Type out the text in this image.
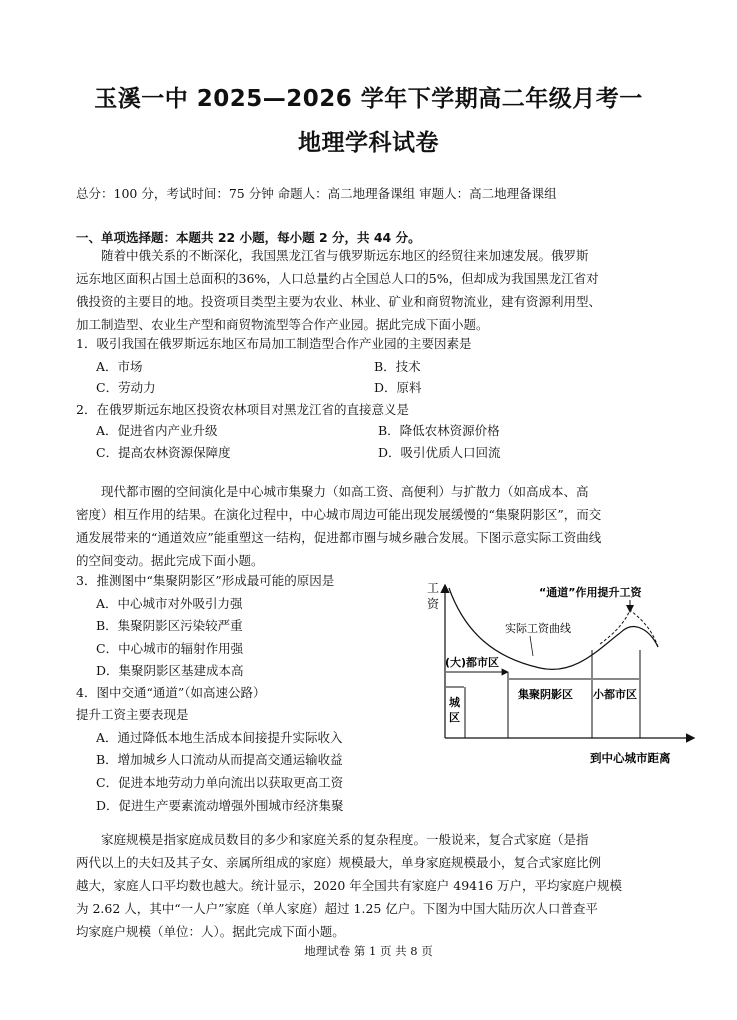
玉溪一中 2025—2026 学年下学期高二年级月考一
地理学科试卷
总分：100 分，考试时间：75 分钟 命题人：高二地理备课组 审题人：高二地理备课组
一、单项选择题：本题共 22 小题，每小题 2 分，共 44 分。
随着中俄关系的不断深化，我国黑龙江省与俄罗斯远东地区的经贸往来加速发展。俄罗斯
远东地区面积占国土总面积的36%，人口总量约占全国总人口的5%，但却成为我国黑龙江省对
俄投资的主要目的地。投资项目类型主要为农业、林业、矿业和商贸物流业，建有资源利用型、
加工制造型、农业生产型和商贸物流型等合作产业园。据此完成下面小题。
1．吸引我国在俄罗斯远东地区布局加工制造型合作产业园的主要因素是
A．市场	B．技术
C．劳动力	D．原料
2．在俄罗斯远东地区投资农林项目对黑龙江省的直接意义是
A．促进省内产业升级	B．降低农林资源价格
C．提高农林资源保障度	D．吸引优质人口回流
现代都市圈的空间演化是中心城市集聚力（如高工资、高便利）与扩散力（如高成本、高
密度）相互作用的结果。在演化过程中，中心城市周边可能出现发展缓慢的“集聚阴影区”，而交
通发展带来的“通道效应”能重塑这一结构，促进都市圈与城乡融合发展。下图示意实际工资曲线
的空间变动。据此完成下面小题。
3．推测图中“集聚阴影区”形成最可能的原因是
A．中心城市对外吸引力强
B．集聚阴影区污染较严重
C．中心城市的辐射作用强
D．集聚阴影区基建成本高
4．图中交通“通道”（如高速公路）
提升工资主要表现是
A．通过降低本地生活成本间接提升实际收入
B．增加城乡人口流动从而提高交通运输收益
C．促进本地劳动力单向流出以获取更高工资
D．促进生产要素流动增强外围城市经济集聚
工
资
到中心城市距离
“通道”作用提升工资
实际工资曲线
(大)都市区
城
区
集聚阴影区 小都市区
家庭规模是指家庭成员数目的多少和家庭关系的复杂程度。一般说来，复合式家庭（是指
两代以上的夫妇及其子女、亲属所组成的家庭）规模最大，单身家庭规模最小，复合式家庭比例
越大，家庭人口平均数也越大。统计显示，2020 年全国共有家庭户 49416 万户，平均家庭户规模
为 2.62 人，其中“一人户”家庭（单人家庭）超过 1.25 亿户。下图为中国大陆历次人口普查平
均家庭户规模（单位：人）。据此完成下面小题。
地理试卷 第 1 页 共 8 页
